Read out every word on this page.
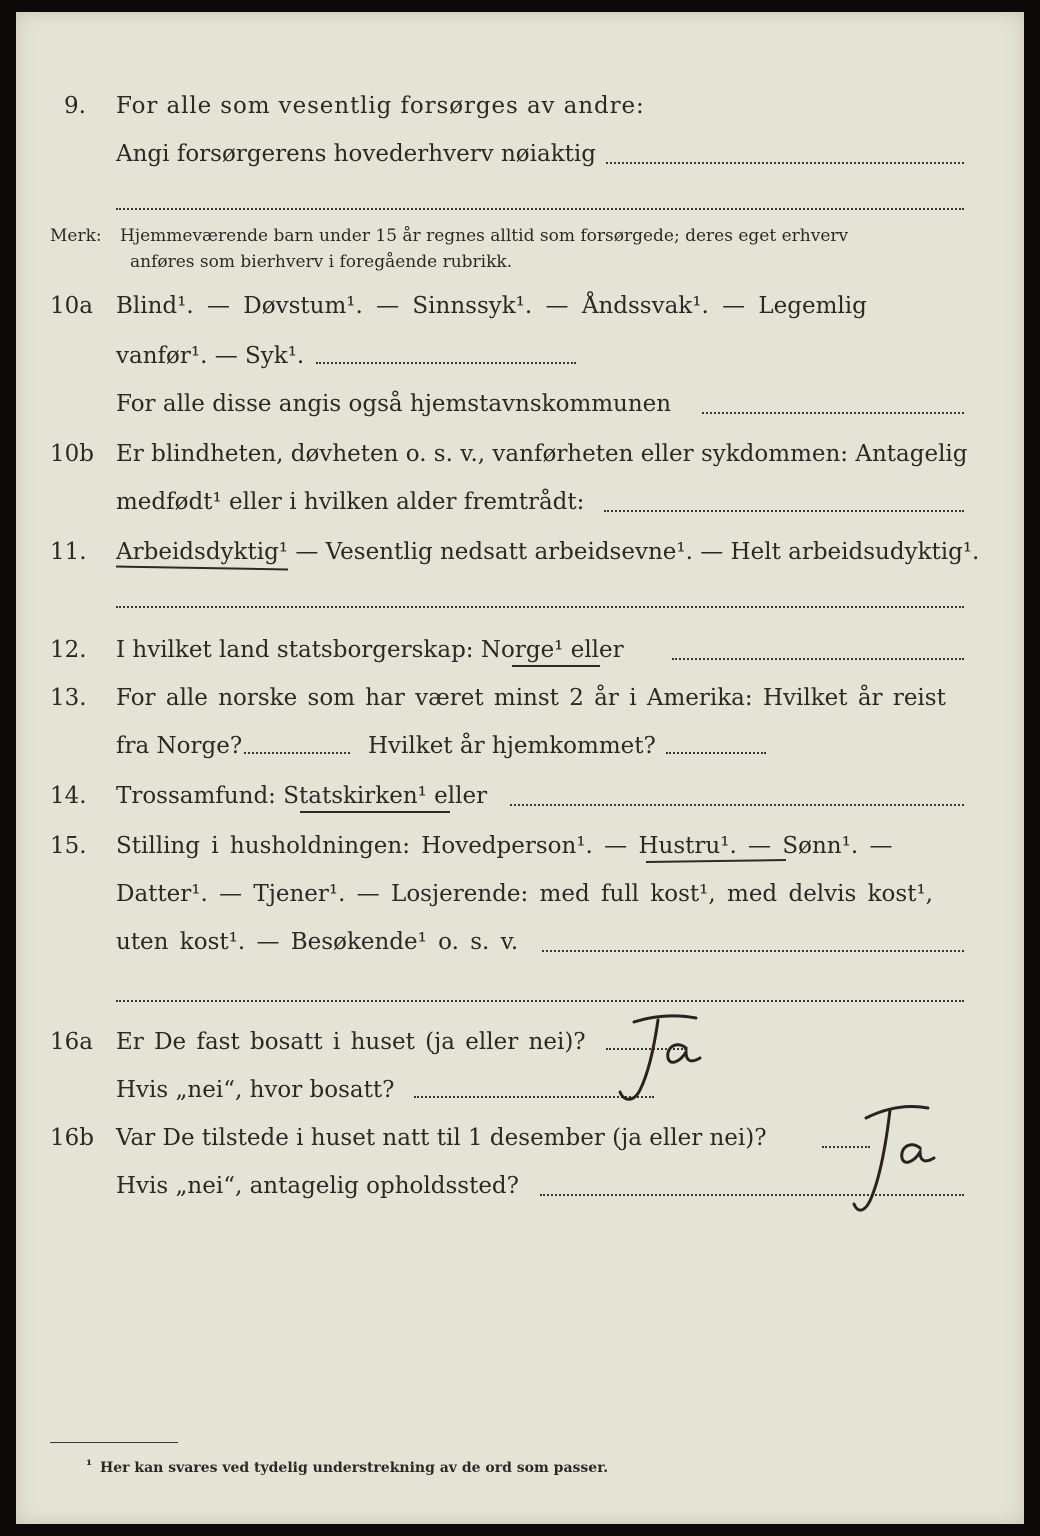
9. For alle som vesentlig forsørges av andre:
Angi forsørgerens hovederhverv nøiaktig
Merk: Hjemmeværende barn under 15 år regnes alltid som forsørgede; deres eget erhverv
anføres som bierhverv i foregående rubrikk.
10a Blind¹. — Døvstum¹. — Sinnssyk¹. — Åndssvak¹. — Legemlig
vanfør¹. — Syk¹.
For alle disse angis også hjemstavnskommunen
10b Er blindheten, døvheten o. s. v., vanførheten eller sykdommen: Antagelig
medfødt¹ eller i hvilken alder fremtrådt:
11. Arbeidsdyktig¹ — Vesentlig nedsatt arbeidsevne¹. — Helt arbeidsudyktig¹.
12. I hvilket land statsborgerskap: Norge¹ eller
13. For alle norske som har været minst 2 år i Amerika: Hvilket år reist
fra Norge?	Hvilket år hjemkommet?
14. Trossamfund: Statskirken¹ eller
15. Stilling i husholdningen: Hovedperson¹. — Hustru¹. — Sønn¹. —
Datter¹. — Tjener¹. — Losjerende: med full kost¹, med delvis kost¹,
uten kost¹. — Besøkende¹ o. s. v.
16a Er De fast bosatt i huset (ja eller nei)?
Hvis „nei“, hvor bosatt?
16b Var De tilstede i huset natt til 1 desember (ja eller nei)?
Hvis „nei“, antagelig opholdssted?
¹ Her kan svares ved tydelig understrekning av de ord som passer.
